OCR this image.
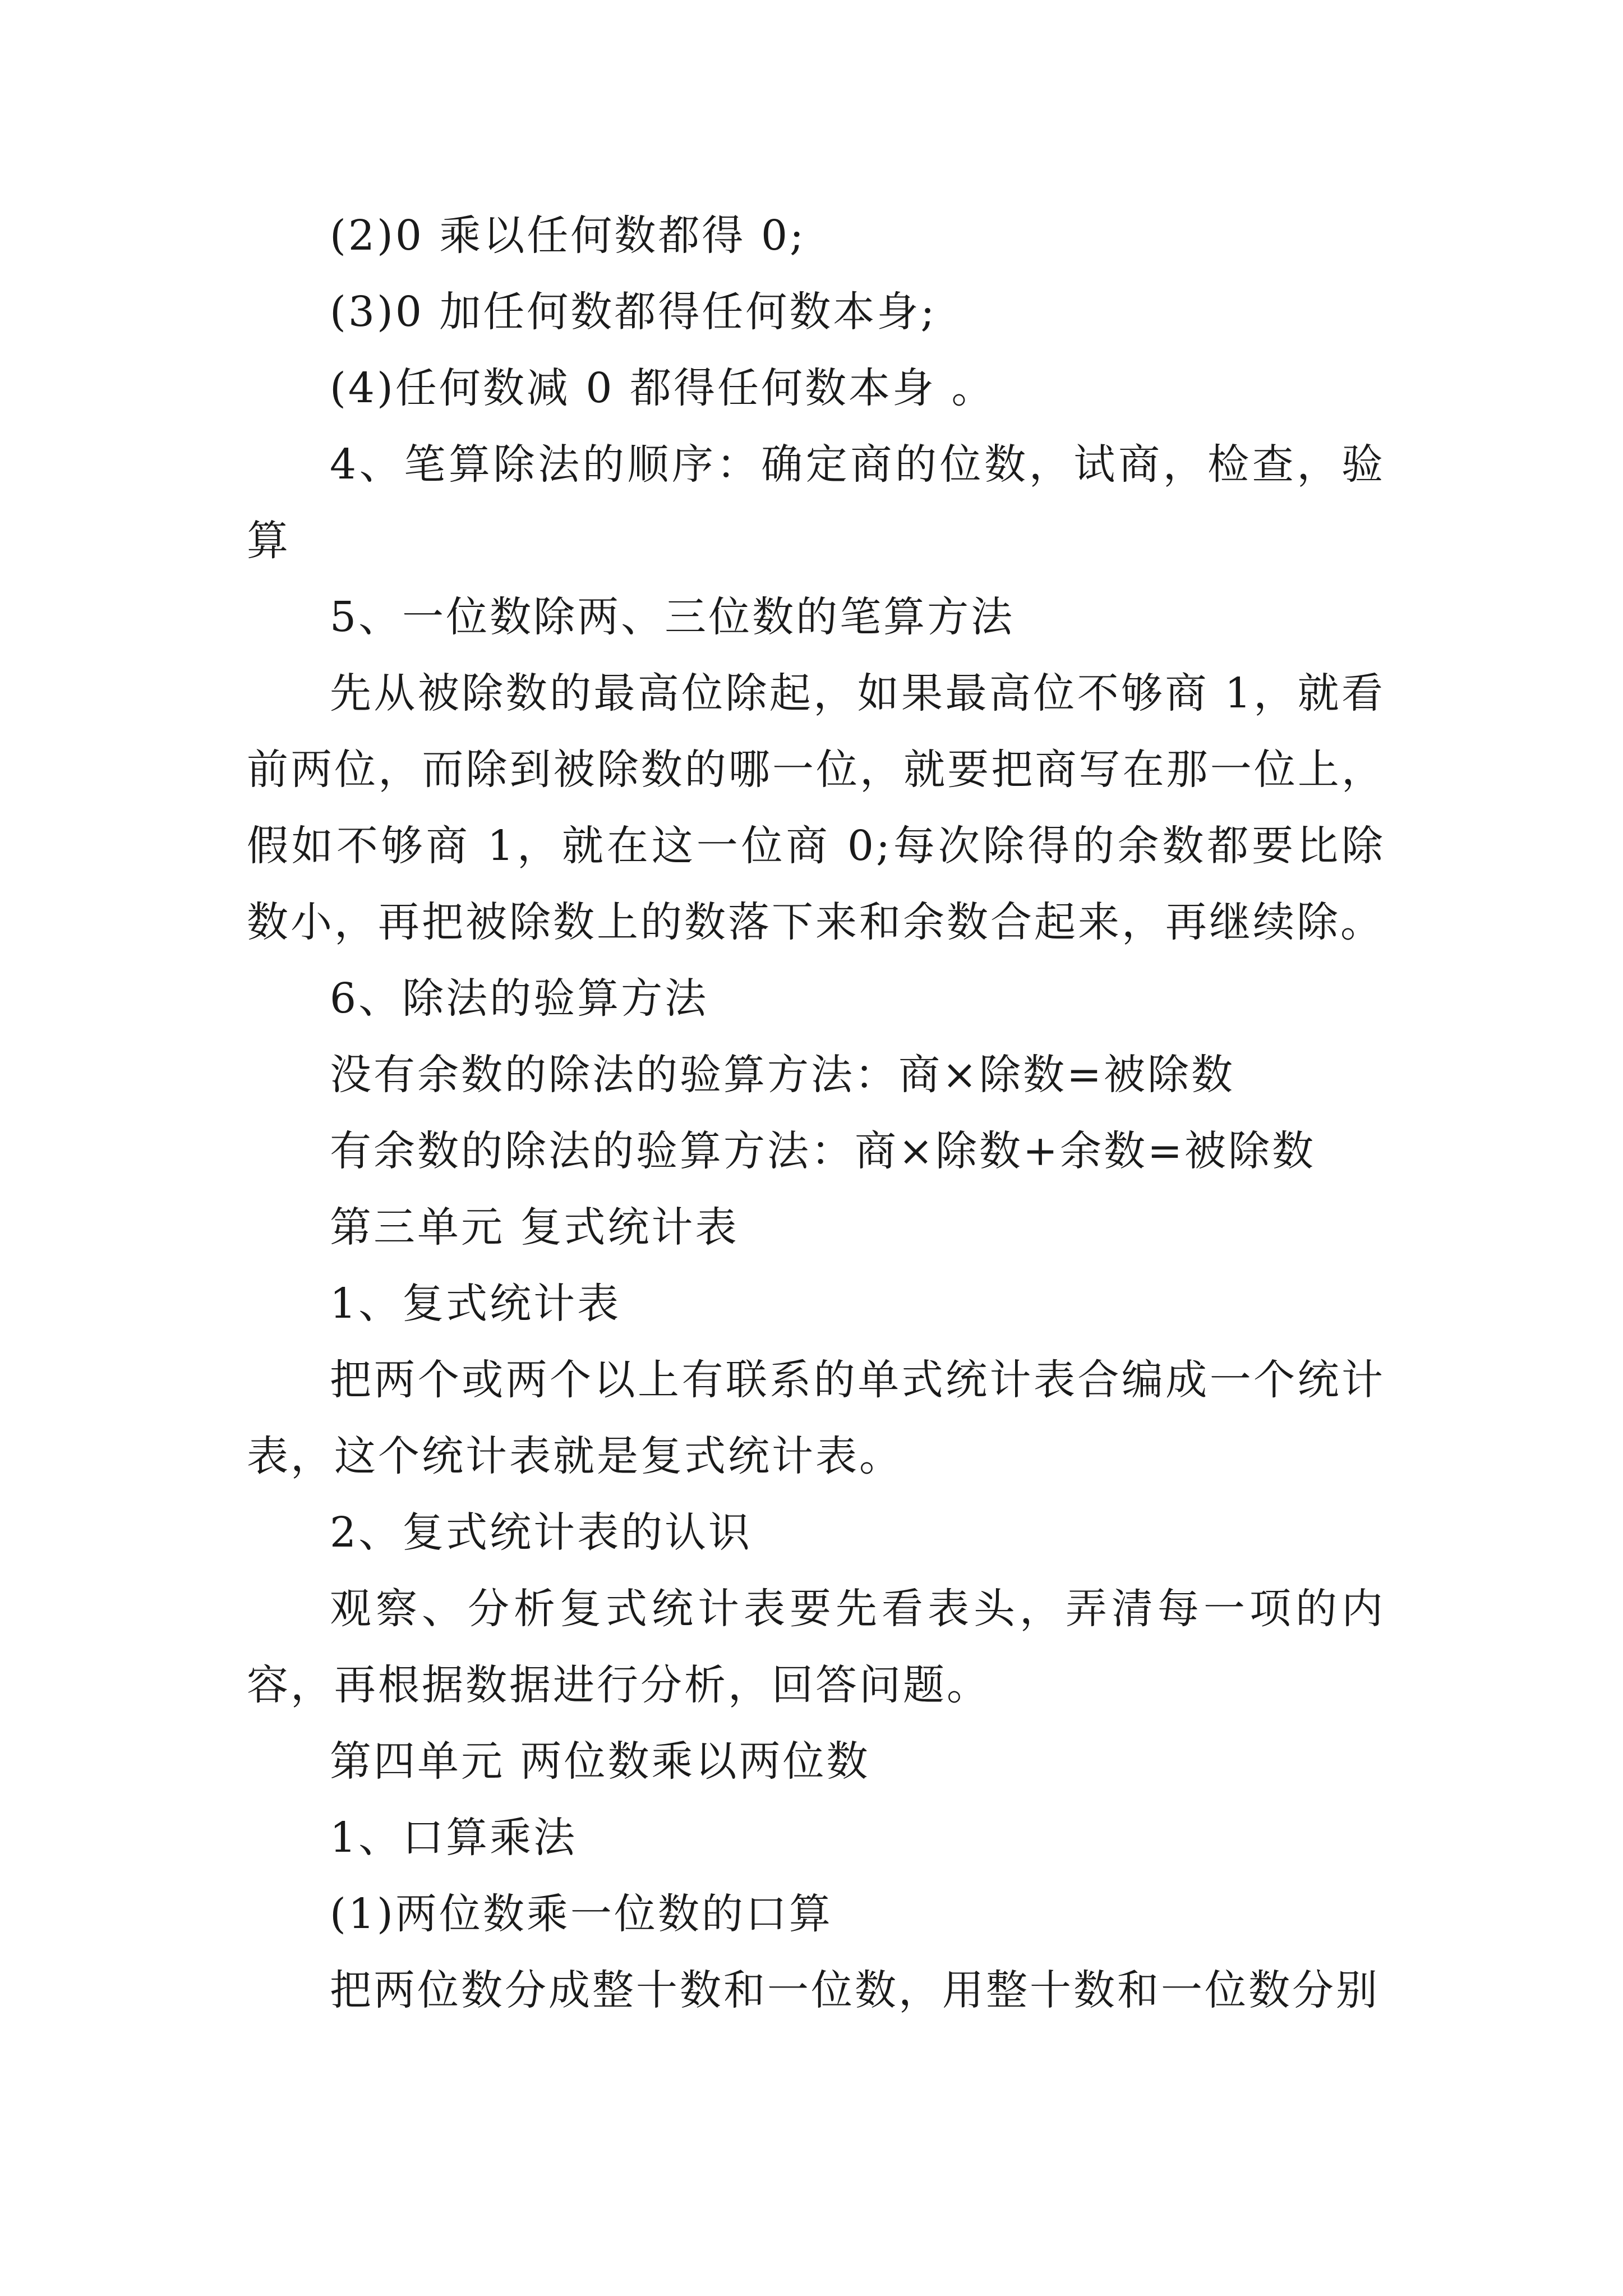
(2)0 乘以任何数都得 0;

(3)0 加任何数都得任何数本身;

(4)任何数减 0 都得任何数本身 。

4、笔算除法的顺序：确定商的位数，试商，检查，验算

5、一位数除两、三位数的笔算方法

先从被除数的最高位除起，如果最高位不够商 1，就看前两位，而除到被除数的哪一位，就要把商写在那一位上，假如不够商 1，就在这一位商 0;每次除得的余数都要比除数小，再把被除数上的数落下来和余数合起来，再继续除。

6、除法的验算方法

没有余数的除法的验算方法：商×除数=被除数

有余数的除法的验算方法：商×除数+余数=被除数

第三单元 复式统计表

1、复式统计表

把两个或两个以上有联系的单式统计表合编成一个统计表，这个统计表就是复式统计表。

2、复式统计表的认识

观察、分析复式统计表要先看表头，弄清每一项的内容，再根据数据进行分析，回答问题。

第四单元 两位数乘以两位数

1、口算乘法

(1)两位数乘一位数的口算

把两位数分成整十数和一位数，用整十数和一位数分别
